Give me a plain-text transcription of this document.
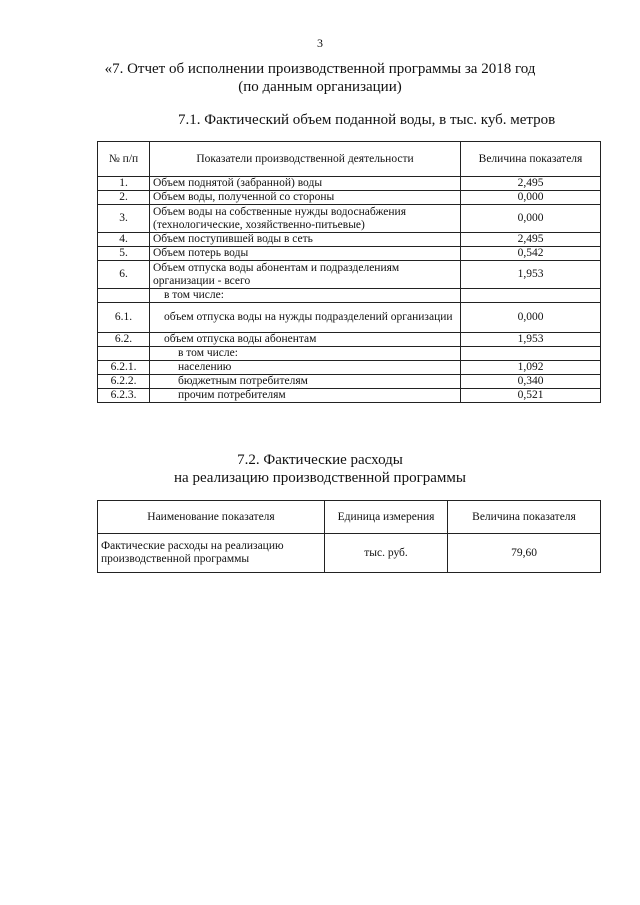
3
«7. Отчет об исполнении производственной программы за 2018 год
(по данным организации)
7.1. Фактический объем поданной воды, в тыс. куб. метров
№ п/п	Показатели производственной деятельности	Величина показателя
1.	Объем поднятой (забранной) воды	2,495
2.	Объем воды, полученной со стороны	0,000
3.	Объем воды на собственные нужды водоснабжения (технологические, хозяйственно-питьевые)	0,000
4.	Объем поступившей воды в сеть	2,495
5.	Объем потерь воды	0,542
6.	Объем отпуска воды абонентам и подразделениям организации - всего	1,953
	в том числе:	
6.1.	объем отпуска воды на нужды подразделений организации	0,000
6.2.	объем отпуска воды абонентам	1,953
	в том числе:	
6.2.1.	населению	1,092
6.2.2.	бюджетным потребителям	0,340
6.2.3.	прочим потребителям	0,521
7.2. Фактические расходы
на реализацию производственной программы
Наименование показателя	Единица измерения	Величина показателя
Фактические расходы на реализацию производственной программы	тыс. руб.	79,60
